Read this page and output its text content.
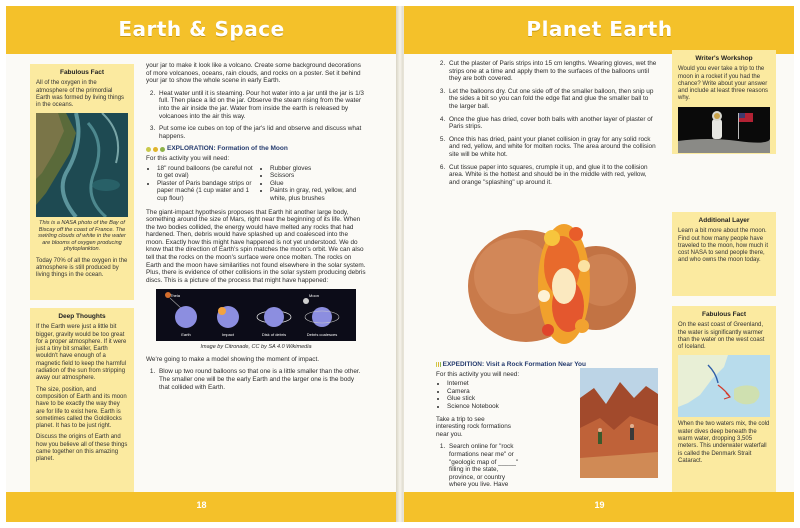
Earth & Space
Fabulous Fact

All of the oxygen in the atmosphere of the primordial Earth was formed by living things in the oceans.

This is a NASA photo of the Bay of Biscay off the coast of France. The swirling clouds of white in the water are blooms of oxygen producing phytoplankton.

Today 70% of all the oxygen in the atmosphere is still produced by living things in the ocean.

Deep Thoughts

If the Earth were just a little bit bigger, gravity would be too great for a proper atmosphere. If it were just a tiny bit smaller, Earth wouldn't have enough of a magnetic field to keep the harmful radiation of the sun from stripping away our atmosphere.

The size, position, and composition of Earth and its moon have to be exactly the way they are for life to exist here. Earth is sometimes called the Goldilocks planet. It has to be just right.

Discuss the origins of Earth and how you believe all of these things came together on this amazing planet.

your jar to make it look like a volcano. Create some background decorations of more volcanoes, oceans, rain clouds, and rocks on a poster. Set it behind your jar to show the whole scene in early Earth.

2. Heat water until it is steaming. Pour hot water into a jar until the jar is 1/3 full. Then place a lid on the jar. Observe the steam rising from the water into the air inside the jar. Water from inside the earth is released by volcanoes into the air this way.
3. Put some ice cubes on top of the jar's lid and observe and discuss what happens.
EXPLORATION: Formation of the Moon

For this activity you will need:

• 18" round balloons (be careful not to get oval)
• Plaster of Paris bandage strips or paper maché (1 cup water and 1 cup flour)
• Rubber gloves
• Scissors
• Glue
• Paints in gray, red, yellow, and white, plus brushes

The giant-impact hypothesis proposes that Earth hit another large body, something around the size of Mars, right near the beginning of its life. When the two bodies collided, the energy would have melted any rocks that had hardened. Then, debris would have splashed up and coalesced into the moon. Exactly how this might have happened is not yet understood. We do know that the direction of Earth's spin matches the moon's orbit. We can also tell that the rocks on the moon's surface were once molten. The rocks on Earth and the moon have similarities not found elsewhere in the solar system. Plus, there is evidence of other collisions in the solar system producing debris discs. This is a picture of the process that might have happened:

Theia	Moon
Earth	Impact	Disk of debris	Debris coalesces
Image by Citronade, CC by SA 4.0 Wikimedia

We're going to make a model showing the moment of impact.

1. Blow up two round balloons so that one is a little smaller than the other. The smaller one will be the early Earth and the larger one is the body that collided with Earth.
18
Planet Earth
2. Cut the plaster of Paris strips into 15 cm lengths. Wearing gloves, wet the strips one at a time and apply them to the surfaces of the balloons until they are both covered.
3. Let the balloons dry. Cut one side off of the smaller balloon, then snip up the sides a bit so you can fold the edge flat and glue the smaller ball to the larger ball.
4. Once the glue has dried, cover both balls with another layer of plaster of Paris strips.
5. Once this has dried, paint your planet collision in gray for any solid rock and red, yellow, and white for molten rocks. The area around the collision site will be white hot.
6. Cut tissue paper into squares, crumple it up, and glue it to the collision area. White is the hottest and should be in the middle with red, yellow, and orange "splashing" up around it.
EXPEDITION: Visit a Rock Formation Near You

For this activity you will need:

• Internet
• Camera
• Glue stick
• Science Notebook

Take a trip to see interesting rock formations near you.

1. Search online for "rock formations near me" or "geologic map of _____" filling in the state, province, or country where you live. Have
Writer's Workshop

Would you ever take a trip to the moon in a rocket if you had the chance? Write about your answer and include at least three reasons why.

Additional Layer

Learn a bit more about the moon. Find out how many people have traveled to the moon, how much it cost NASA to send people there, and who owns the moon today.

Fabulous Fact

On the east coast of Greenland, the water is significantly warmer than the water on the west coast of Iceland.

When the two waters mix, the cold water dives deep beneath the warm water, dropping 3,505 meters. This underwater waterfall is called the Denmark Strait Cataract.

19
